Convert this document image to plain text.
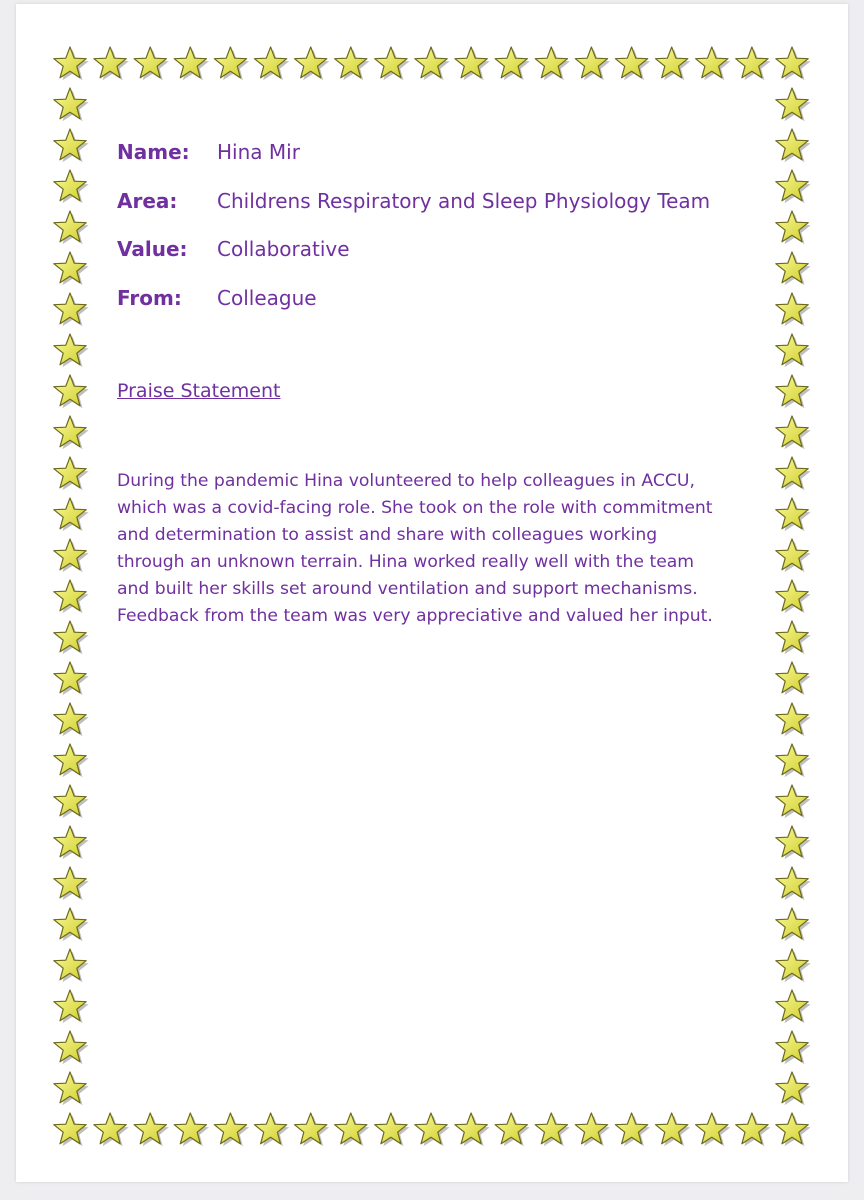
Name:	Hina Mir
Area:	Childrens Respiratory and Sleep Physiology Team
Value:	Collaborative
From:	Colleague
Praise Statement
During the pandemic Hina volunteered to help colleagues in ACCU,
which was a covid-facing role. She took on the role with commitment
and determination to assist and share with colleagues working
through an unknown terrain. Hina worked really well with the team
and built her skills set around ventilation and support mechanisms.
Feedback from the team was very appreciative and valued her input.
